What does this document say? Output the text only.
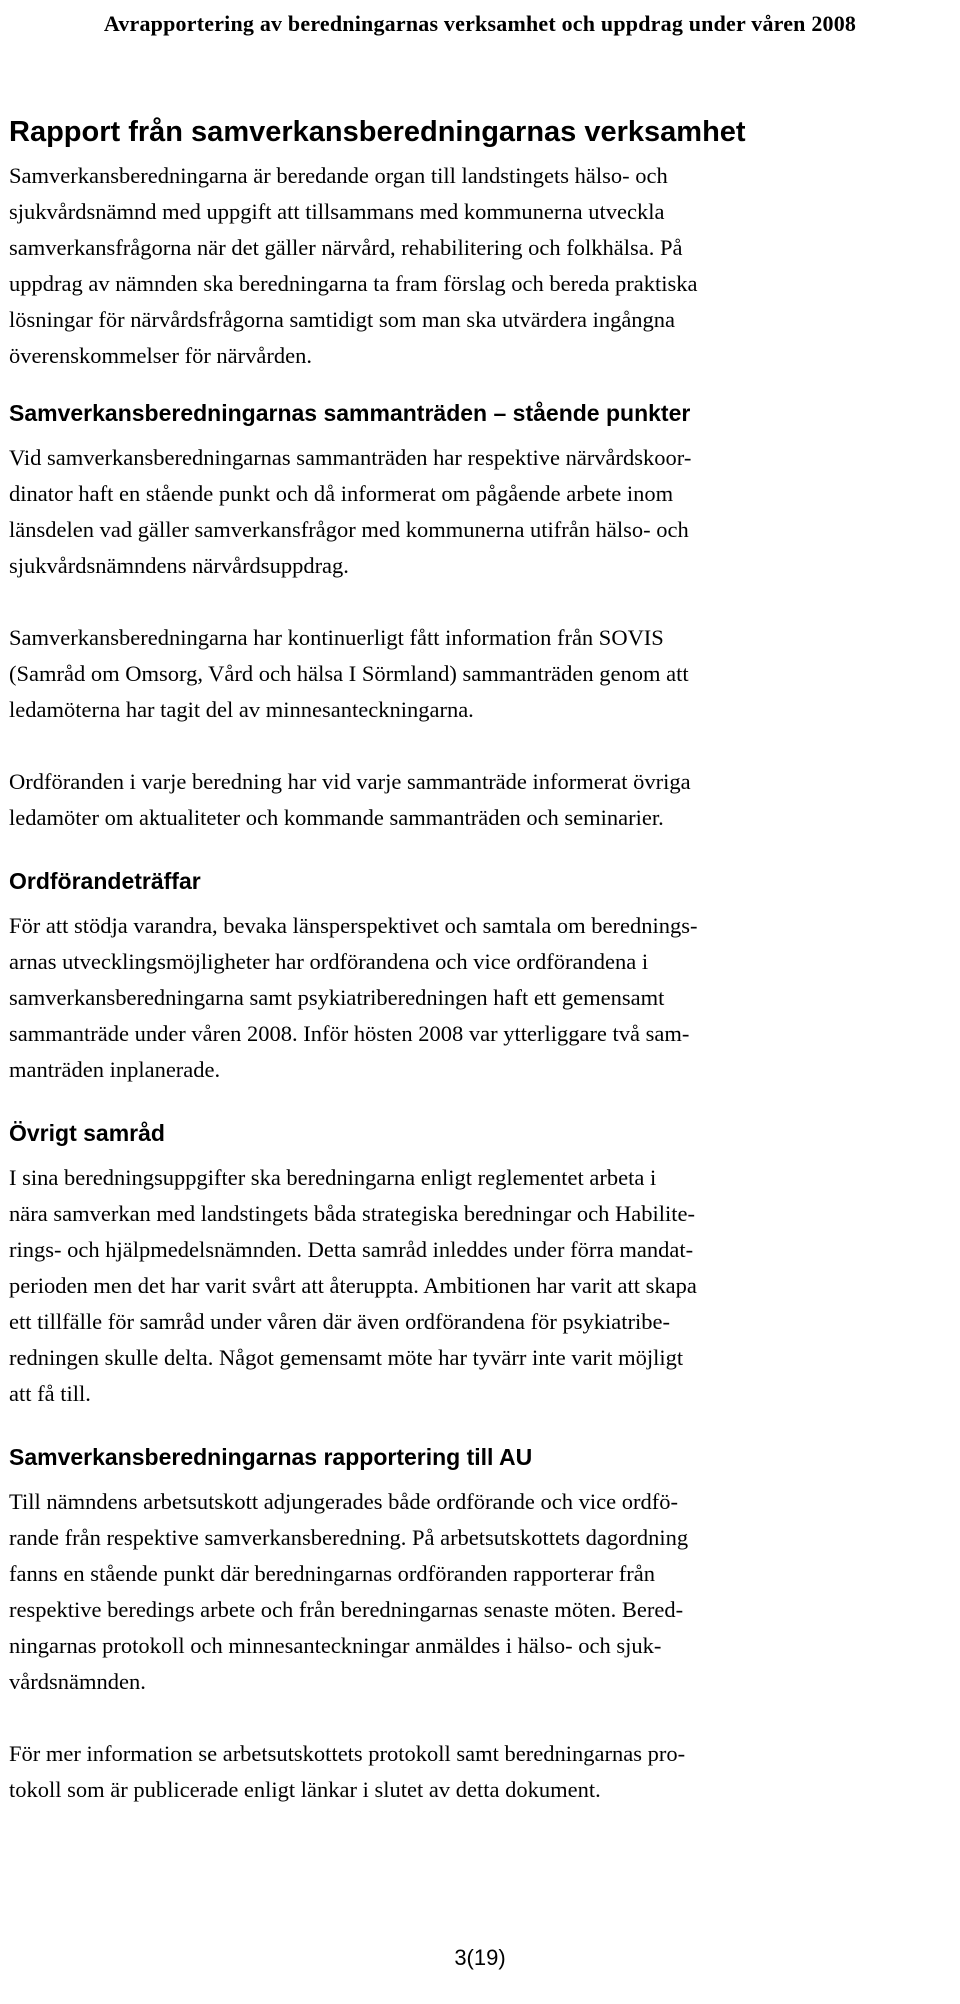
Avrapportering av beredningarnas verksamhet och uppdrag under våren 2008
Rapport från samverkansberedningarnas verksamhet

Samverkansberedningarna är beredande organ till landstingets hälso- och
sjukvårdsnämnd med uppgift att tillsammans med kommunerna utveckla
samverkansfrågorna när det gäller närvård, rehabilitering och folkhälsa. På
uppdrag av nämnden ska beredningarna ta fram förslag och bereda praktiska
lösningar för närvårdsfrågorna samtidigt som man ska utvärdera ingångna
överenskommelser för närvården.

Samverkansberedningarnas sammanträden – stående punkter

Vid samverkansberedningarnas sammanträden har respektive närvårdskoor-
dinator haft en stående punkt och då informerat om pågående arbete inom
länsdelen vad gäller samverkansfrågor med kommunerna utifrån hälso- och
sjukvårdsnämndens närvårdsuppdrag.

Samverkansberedningarna har kontinuerligt fått information från SOVIS
(Samråd om Omsorg, Vård och hälsa I Sörmland) sammanträden genom att
ledamöterna har tagit del av minnesanteckningarna.

Ordföranden i varje beredning har vid varje sammanträde informerat övriga
ledamöter om aktualiteter och kommande sammanträden och seminarier.

Ordförandeträffar

För att stödja varandra, bevaka länsperspektivet och samtala om berednings-
arnas utvecklingsmöjligheter har ordförandena och vice ordförandena i
samverkansberedningarna samt psykiatriberedningen haft ett gemensamt
sammanträde under våren 2008. Inför hösten 2008 var ytterliggare två sam-
manträden inplanerade.

Övrigt samråd

I sina beredningsuppgifter ska beredningarna enligt reglementet arbeta i
nära samverkan med landstingets båda strategiska beredningar och Habilite-
rings- och hjälpmedelsnämnden. Detta samråd inleddes under förra mandat-
perioden men det har varit svårt att återuppta. Ambitionen har varit att skapa
ett tillfälle för samråd under våren där även ordförandena för psykiatribe-
redningen skulle delta. Något gemensamt möte har tyvärr inte varit möjligt
att få till.

Samverkansberedningarnas rapportering till AU

Till nämndens arbetsutskott adjungerades både ordförande och vice ordfö-
rande från respektive samverkansberedning. På arbetsutskottets dagordning
fanns en stående punkt där beredningarnas ordföranden rapporterar från
respektive beredings arbete och från beredningarnas senaste möten. Bered-
ningarnas protokoll och minnesanteckningar anmäldes i hälso- och sjuk-
vårdsnämnden.

För mer information se arbetsutskottets protokoll samt beredningarnas pro-
tokoll som är publicerade enligt länkar i slutet av detta dokument.

3(19)
